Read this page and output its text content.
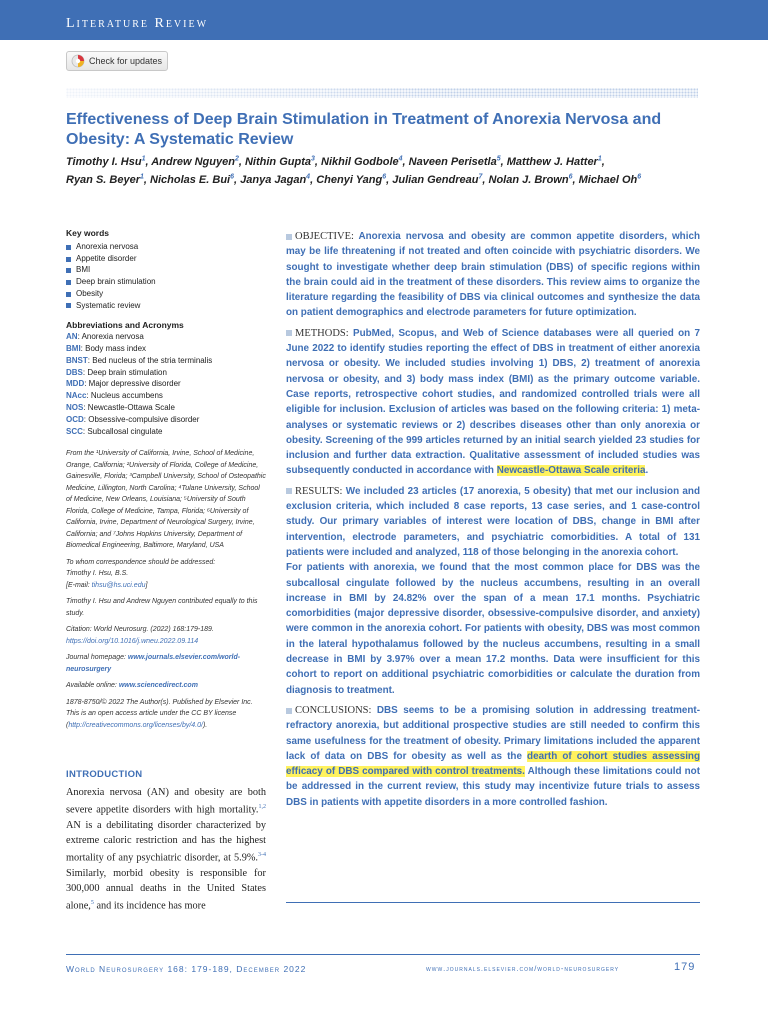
Literature Review
Check for updates
Effectiveness of Deep Brain Stimulation in Treatment of Anorexia Nervosa and Obesity: A Systematic Review
Timothy I. Hsu$^1$, Andrew Nguyen$^2$, Nithin Gupta$^3$, Nikhil Godbole$^4$, Naveen Perisetla$^5$, Matthew J. Hatter$^1$,
Ryan S. Beyer$^1$, Nicholas E. Bui$^6$, Janya Jagan$^4$, Chenyi Yang$^6$, Julian Gendreau$^7$, Nolan J. Brown$^6$, Michael Oh$^6$
Key words
Anorexia nervosa
Appetite disorder
BMI
Deep brain stimulation
Obesity
Systematic review
Abbreviations and Acronyms
AN: Anorexia nervosa
BMI: Body mass index
BNST: Bed nucleus of the stria terminalis
DBS: Deep brain stimulation
MDD: Major depressive disorder
NAcc: Nucleus accumbens
NOS: Newcastle-Ottawa Scale
OCD: Obsessive-compulsive disorder
SCC: Subcallosal cingulate

From the ¹University of California, Irvine, School of Medicine, Orange, California; ²University of Florida, College of Medicine, Gainesville, Florida; ³Campbell University, School of Osteopathic Medicine, Lillington, North Carolina; ⁴Tulane University, School of Medicine, New Orleans, Louisiana; ⁵University of South Florida, College of Medicine, Tampa, Florida; ⁶University of California, Irvine, Department of Neurological Surgery, Irvine, California; and ⁷Johns Hopkins University, Department of Biomedical Engineering, Baltimore, Maryland, USA

To whom correspondence should be addressed:
Timothy I. Hsu, B.S.
[E-mail: tihsu@hs.uci.edu]

Timothy I. Hsu and Andrew Nguyen contributed equally to this study.

Citation: World Neurosurg. (2022) 168:179-189.
https://doi.org/10.1016/j.wneu.2022.09.114

Journal homepage: www.journals.elsevier.com/world-neurosurgery

Available online: www.sciencedirect.com

1878-8750/© 2022 The Author(s). Published by Elsevier Inc. This is an open access article under the CC BY license (http://creativecommons.org/licenses/by/4.0/).

INTRODUCTION
Anorexia nervosa (AN) and obesity are both severe appetite disorders with high mortality.$^{1,2}$ AN is a debilitating disorder characterized by extreme caloric restriction and has the highest mortality of any psychiatric disorder, at 5.9%.$^{3-4}$ Similarly, morbid obesity is responsible for 300,000 annual deaths in the United States alone,$^5$ and its incidence has more
OBJECTIVE: Anorexia nervosa and obesity are common appetite disorders, which may be life threatening if not treated and often coincide with psychiatric disorders. We sought to investigate whether deep brain stimulation (DBS) of specific regions within the brain could aid in the treatment of these disorders. This review aims to organize the literature regarding the feasibility of DBS via clinical outcomes and synthesize the data on patient demographics and electrode parameters for future optimization.
METHODS: PubMed, Scopus, and Web of Science databases were all queried on 7 June 2022 to identify studies reporting the effect of DBS in treatment of either anorexia nervosa or obesity. We included studies involving 1) DBS, 2) treatment of anorexia nervosa or obesity, and 3) body mass index (BMI) as the primary outcome variable. Case reports, retrospective cohort studies, and randomized controlled trials were all eligible for inclusion. Exclusion of articles was based on the following criteria: 1) meta-analyses or systematic reviews or 2) describes diseases other than only anorexia or obesity. Screening of the 999 articles returned by an initial search yielded 23 studies for inclusion and further data extraction. Qualitative assessment of included studies was subsequently conducted in accordance with Newcastle-Ottawa Scale criteria.
RESULTS: We included 23 articles (17 anorexia, 5 obesity) that met our inclusion and exclusion criteria, which included 8 case reports, 13 case series, and 1 case-control study. Our primary variables of interest were location of DBS, change in BMI after intervention, electrode parameters, and psychiatric comorbidities. A total of 131 patients were included and analyzed, 118 of those belonging in the anorexia cohort.
For patients with anorexia, we found that the most common place for DBS was the subcallosal cingulate followed by the nucleus accumbens, resulting in an overall increase in BMI by 24.82% over the span of a mean 17.1 months. Psychiatric comorbidities (major depressive disorder, obsessive-compulsive disorder, and anxiety) were common in the anorexia cohort. For patients with obesity, DBS was most common in the lateral hypothalamus followed by the nucleus accumbens, resulting in a small decrease in BMI by 3.97% over a mean 17.2 months. Data were insufficient for this cohort to report on additional psychiatric comorbidities or calculate the duration from diagnosis to treatment.
CONCLUSIONS: DBS seems to be a promising solution in addressing treatment-refractory anorexia, but additional prospective studies are still needed to confirm this same usefulness for the treatment of obesity. Primary limitations included the apparent lack of data on DBS for obesity as well as the dearth of cohort studies assessing efficacy of DBS compared with control treatments. Although these limitations could not be addressed in the current review, this study may incentivize future trials to assess DBS in patients with appetite disorders in a more controlled fashion.
World Neurosurgery 168: 179-189, December 2022	www.journals.elsevier.com/world-neurosurgery	179
